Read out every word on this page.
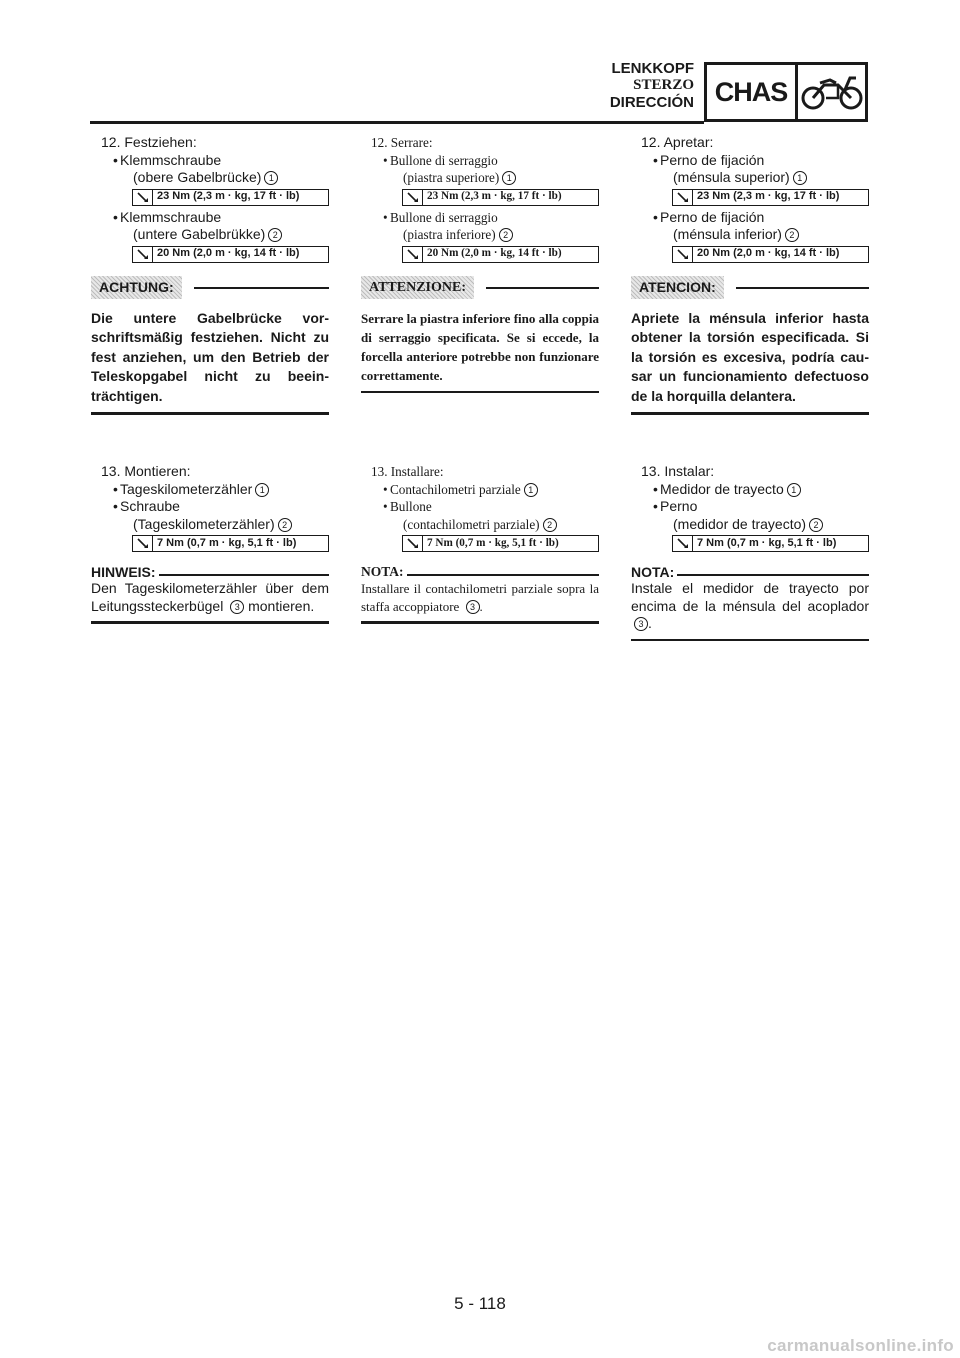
LENKKOPF
STERZO
DIRECCIÓN CHAS
12. Festziehen:
• Klemmschraube
(obere Gabelbrücke) 1
23 Nm (2,3 m · kg, 17 ft · lb)
• Klemmschraube
(untere Gabelbrükke) 2
20 Nm (2,0 m · kg, 14 ft · lb)
ACHTUNG:
Die untere Gabelbrücke vorschriftsmäßig festziehen. Nicht zu fest anziehen, um den Betrieb der Teleskopgabel nicht zu beeinträchtigen.
13. Montieren:
• Tageskilometerzähler 1
• Schraube
(Tageskilometerzähler) 2
7 Nm (0,7 m · kg, 5,1 ft · lb)
HINWEIS:
Den Tageskilometerzähler über dem Leitungssteckerbügel 3 montieren.
12. Serrare:
• Bullone di serraggio
(piastra superiore) 1
23 Nm (2,3 m · kg, 17 ft · lb)
• Bullone di serraggio
(piastra inferiore) 2
20 Nm (2,0 m · kg, 14 ft · lb)
ATTENZIONE:
Serrare la piastra inferiore fino alla coppia di serraggio specificata. Se si eccede, la forcella anteriore potrebbe non funzionare correttamente.
13. Installare:
• Contachilometri parziale 1
• Bullone
(contachilometri parziale) 2
7 Nm (0,7 m · kg, 5,1 ft · lb)
NOTA:
Installare il contachilometri parziale sopra la staffa accoppiatore 3 .
12. Apretar:
• Perno de fijación
(ménsula superior) 1
23 Nm (2,3 m · kg, 17 ft · lb)
• Perno de fijación
(ménsula inferior) 2
20 Nm (2,0 m · kg, 14 ft · lb)
ATENCION:
Apriete la ménsula inferior hasta obtener la torsión especificada. Si la torsión es excesiva, podría causar un funcionamiento defectuoso de la horquilla delantera.
13. Instalar:
• Medidor de trayecto 1
• Perno
(medidor de trayecto) 2
7 Nm (0,7 m · kg, 5,1 ft · lb)
NOTA:
Instale el medidor de trayecto por encima de la ménsula del acoplador 3 .
5 - 118
carmanualsonline.info
